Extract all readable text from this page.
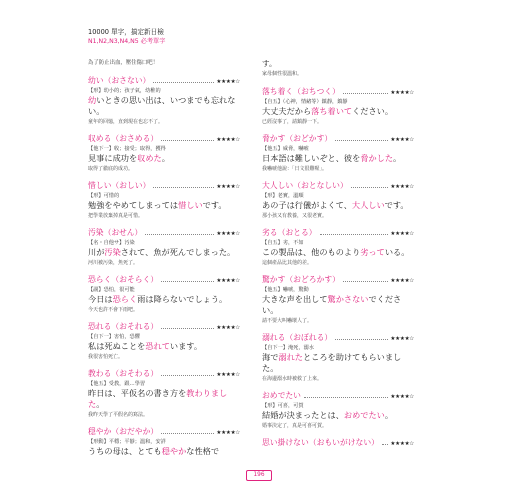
10000 單字，搞定新日檢
N1,N2,N3,N4,N5 必考單字
為了防止出血，壓住傷口吧！
幼い（おさない）	★★★★☆
【形】幼小的；孩子氣，幼稚的
幼いときの思い出は、いつまでも忘れない。
童年的回憶，直到現在也忘不了。
収める（おさめる）	★★★★☆
【他下一】收；接受；取得，獲得
見事に成功を収めた。
取得了徹底的成功。
惜しい（おしい）	★★★★☆
【形】可惜的
勉強をやめてしまっては惜しいです。
把學業放棄掉真是可惜。
汚染（おせん）	★★★★☆
【名・自他サ】汚染
川が汚染されて、魚が死んでしまった。
河川被污染，魚死了。
恐らく（おそらく）	★★★★☆
【副】恐怕，很可能
今日は恐らく雨は降らないでしょう。
今天也許不會下雨吧。
恐れる（おそれる）	★★★★☆
【自下一】害怕，恐懼
私は死ぬことを恐れています。
我很害怕死亡。
教わる（おそわる）	★★★★☆
【他五】受教，跟…學習
昨日は、平仮名の書き方を教わりました。
我昨天學了平假名的寫法。
穏やか（おだやか）	★★★★☆
【形動】平穩；平靜；溫和，安詳
うちの母は、とても穏やかな性格で
す。
家母個性很溫和。
落ち着く（おちつく）	★★★★☆
【自五】（心神，情緒等）鎮靜，鎮靜
大丈夫だから落ち着いてください。
已經沒事了，請鎮靜一下。
脅かす（おどかす）	★★★★☆
【他五】威脅，嚇唬
日本語は難しいぞと、彼を脅かした。
我嚇唬他說：「日文很難喔」。
大人しい（おとなしい）	★★★★☆
【形】老實，溫順
あの子は行儀がよくて、大人しいです。
那小孩又有教養，又很老實。
劣る（おとる）	★★★★☆
【自五】劣，不如
この製品は、他のものより劣っている。
這個產品比其他的差。
驚かす（おどろかす）	★★★★☆
【他五】嚇唬，驚動
大きな声を出して驚かさないでください。
請不要大叫嚇壞人了。
溺れる（おぼれる）	★★★★☆
【自下一】淹死，溺水
海で溺れたところを助けてもらいました。
在海邊溺水時被救了上來。
おめでたい	★★★★☆
【形】可喜，可賀
結婚が決まったとは、おめでたい。
婚事決定了，真是可喜可賀。
思い掛けない（おもいがけない） ★★★★☆
196
